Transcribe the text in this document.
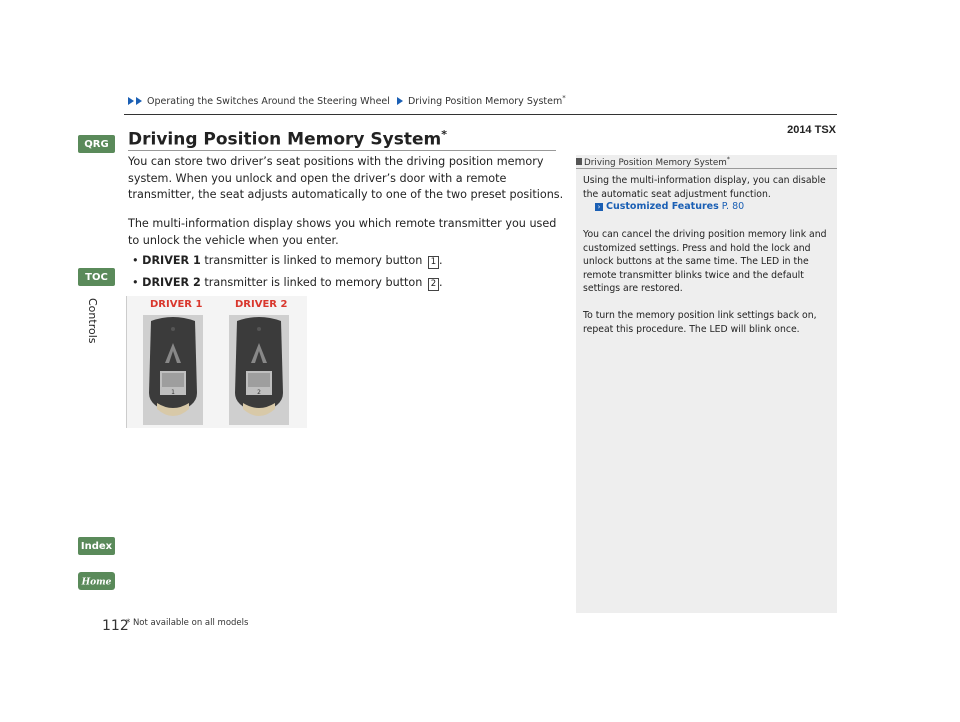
Operating the Switches Around the Steering Wheel Driving Position Memory System*
2014 TSX
QRG
TOC
Controls
Index
Home
Driving Position Memory System*
You can store two driver’s seat positions with the driving position memory system. When you unlock and open the driver’s door with a remote transmitter, the seat adjusts automatically to one of the two preset positions.
The multi-information display shows you which remote transmitter you used to unlock the vehicle when you enter.
• DRIVER 1 transmitter is linked to memory button 1 .
• DRIVER 2 transmitter is linked to memory button 2 .
DRIVER 1	DRIVER 2
1	2
Driving Position Memory System*
Using the multi-information display, you can disable the automatic seat adjustment function.
› Customized Features P. 80
You can cancel the driving position memory link and customized settings. Press and hold the lock and unlock buttons at the same time. The LED in the remote transmitter blinks twice and the default settings are restored.
To turn the memory position link settings back on, repeat this procedure. The LED will blink once.
112
* Not available on all models
